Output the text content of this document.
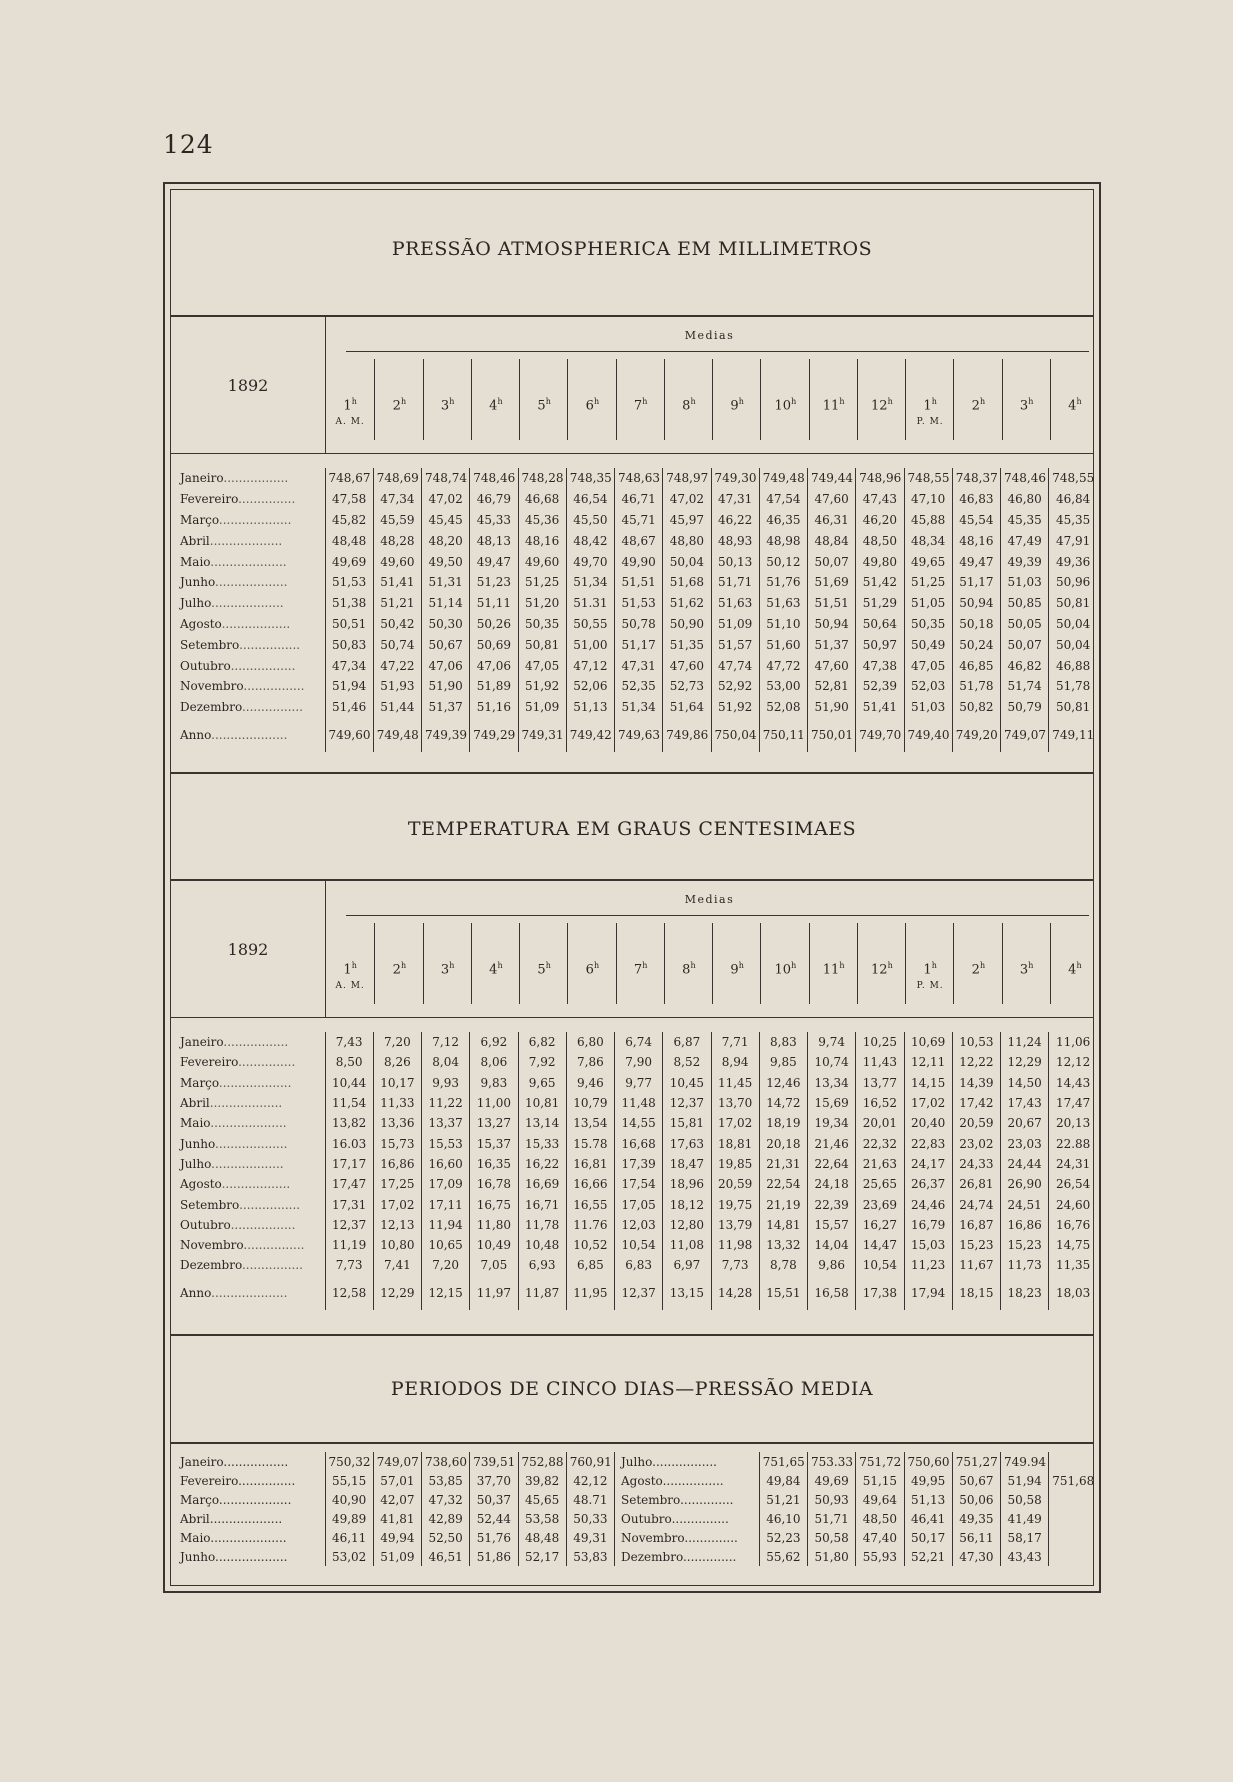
124
PRESSÃO ATMOSPHERICA EM MILLIMETROS
1892
Medias
1$^h$
A. M.
2$^h$	3$^h$	4$^h$	5$^h$	6$^h$	7$^h$	8$^h$	9$^h$	10$^h$	11$^h$	12$^h$	1$^h$
P. M.
2$^h$	3$^h$	4$^h$
Janeiro.................	748,67	748,69	748,74	748,46	748,28	748,35	748,63	748,97	749,30	749,48	749,44	748,96	748,55	748,37	748,46	748,55
Fevereiro...............	47,58	47,34	47,02	46,79	46,68	46,54	46,71	47,02	47,31	47,54	47,60	47,43	47,10	46,83	46,80	46,84
Março...................	45,82	45,59	45,45	45,33	45,36	45,50	45,71	45,97	46,22	46,35	46,31	46,20	45,88	45,54	45,35	45,35
Abril...................	48,48	48,28	48,20	48,13	48,16	48,42	48,67	48,80	48,93	48,98	48,84	48,50	48,34	48,16	47,49	47,91
Maio....................	49,69	49,60	49,50	49,47	49,60	49,70	49,90	50,04	50,13	50,12	50,07	49,80	49,65	49,47	49,39	49,36
Junho...................	51,53	51,41	51,31	51,23	51,25	51,34	51,51	51,68	51,71	51,76	51,69	51,42	51,25	51,17	51,03	50,96
Julho...................	51,38	51,21	51,14	51,11	51,20	51.31	51,53	51,62	51,63	51,63	51,51	51,29	51,05	50,94	50,85	50,81
Agosto..................	50,51	50,42	50,30	50,26	50,35	50,55	50,78	50,90	51,09	51,10	50,94	50,64	50,35	50,18	50,05	50,04
Setembro................	50,83	50,74	50,67	50,69	50,81	51,00	51,17	51,35	51,57	51,60	51,37	50,97	50,49	50,24	50,07	50,04
Outubro.................	47,34	47,22	47,06	47,06	47,05	47,12	47,31	47,60	47,74	47,72	47,60	47,38	47,05	46,85	46,82	46,88
Novembro................	51,94	51,93	51,90	51,89	51,92	52,06	52,35	52,73	52,92	53,00	52,81	52,39	52,03	51,78	51,74	51,78
Dezembro................	51,46	51,44	51,37	51,16	51,09	51,13	51,34	51,64	51,92	52,08	51,90	51,41	51,03	50,82	50,79	50,81
Anno....................	749,60	749,48	749,39	749,29	749,31	749,42	749,63	749,86	750,04	750,11	750,01	749,70	749,40	749,20	749,07	749,11
TEMPERATURA EM GRAUS CENTESIMAES
1892
Medias
1$^h$
A. M.
2$^h$	3$^h$	4$^h$	5$^h$	6$^h$	7$^h$	8$^h$	9$^h$	10$^h$	11$^h$	12$^h$	1$^h$
P. M.
2$^h$	3$^h$	4$^h$
Janeiro.................	7,43	7,20	7,12	6,92	6,82	6,80	6,74	6,87	7,71	8,83	9,74	10,25	10,69	10,53	11,24	11,06
Fevereiro...............	8,50	8,26	8,04	8,06	7,92	7,86	7,90	8,52	8,94	9,85	10,74	11,43	12,11	12,22	12,29	12,12
Março...................	10,44	10,17	9,93	9,83	9,65	9,46	9,77	10,45	11,45	12,46	13,34	13,77	14,15	14,39	14,50	14,43
Abril...................	11,54	11,33	11,22	11,00	10,81	10,79	11,48	12,37	13,70	14,72	15,69	16,52	17,02	17,42	17,43	17,47
Maio....................	13,82	13,36	13,37	13,27	13,14	13,54	14,55	15,81	17,02	18,19	19,34	20,01	20,40	20,59	20,67	20,13
Junho...................	16.03	15,73	15,53	15,37	15,33	15.78	16,68	17,63	18,81	20,18	21,46	22,32	22,83	23,02	23,03	22.88
Julho...................	17,17	16,86	16,60	16,35	16,22	16,81	17,39	18,47	19,85	21,31	22,64	21,63	24,17	24,33	24,44	24,31
Agosto..................	17,47	17,25	17,09	16,78	16,69	16,66	17,54	18,96	20,59	22,54	24,18	25,65	26,37	26,81	26,90	26,54
Setembro................	17,31	17,02	17,11	16,75	16,71	16,55	17,05	18,12	19,75	21,19	22,39	23,69	24,46	24,74	24,51	24,60
Outubro.................	12,37	12,13	11,94	11,80	11,78	11.76	12,03	12,80	13,79	14,81	15,57	16,27	16,79	16,87	16,86	16,76
Novembro................	11,19	10,80	10,65	10,49	10,48	10,52	10,54	11,08	11,98	13,32	14,04	14,47	15,03	15,23	15,23	14,75
Dezembro................	7,73	7,41	7,20	7,05	6,93	6,85	6,83	6,97	7,73	8,78	9,86	10,54	11,23	11,67	11,73	11,35
Anno....................	12,58	12,29	12,15	11,97	11,87	11,95	12,37	13,15	14,28	15,51	16,58	17,38	17,94	18,15	18,23	18,03
PERIODOS DE CINCO DIAS—PRESSÃO MEDIA
Janeiro.................	750,32	749,07	738,60	739,51	752,88	760,91	Julho.................	751,65	753.33	751,72	750,60	751,27	749.94	
Fevereiro...............	55,15	57,01	53,85	37,70	39,82	42,12	Agosto................	49,84	49,69	51,15	49,95	50,67	51,94	751,68
Março...................	40,90	42,07	47,32	50,37	45,65	48.71	Setembro..............	51,21	50,93	49,64	51,13	50,06	50,58	
Abril...................	49,89	41,81	42,89	52,44	53,58	50,33	Outubro...............	46,10	51,71	48,50	46,41	49,35	41,49	
Maio....................	46,11	49,94	52,50	51,76	48,48	49,31	Novembro..............	52,23	50,58	47,40	50,17	56,11	58,17	
Junho...................	53,02	51,09	46,51	51,86	52,17	53,83	Dezembro..............	55,62	51,80	55,93	52,21	47,30	43,43	
